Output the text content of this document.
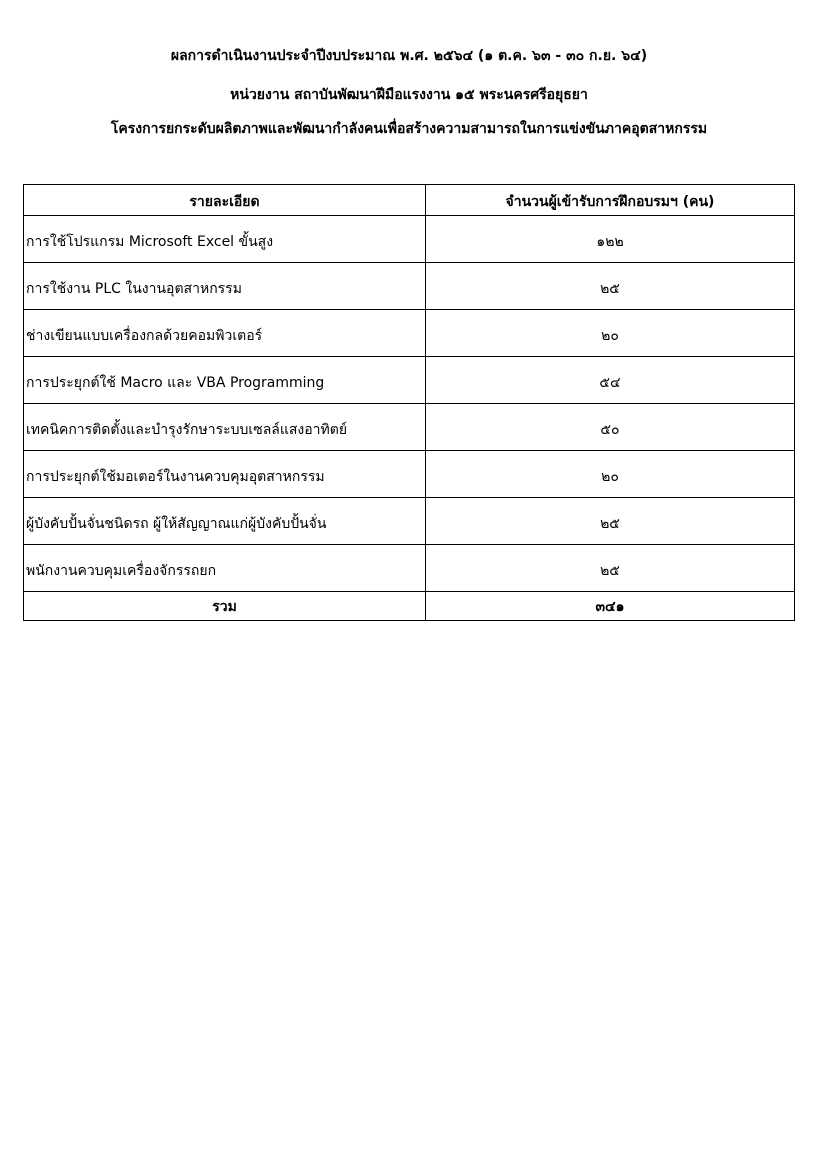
ผลการดำเนินงานประจำปีงบประมาณ พ.ศ. ๒๕๖๔ (๑ ต.ค. ๖๓ - ๓๐ ก.ย. ๖๔)
หน่วยงาน สถาบันพัฒนาฝีมือแรงงาน ๑๕ พระนครศรีอยุธยา
โครงการยกระดับผลิตภาพและพัฒนากำลังคนเพื่อสร้างความสามารถในการแข่งขันภาคอุตสาหกรรม
รายละเอียด	จำนวนผู้เข้ารับการฝึกอบรมฯ (คน)
การใช้โปรแกรม Microsoft Excel ขั้นสูง	๑๒๒
การใช้งาน PLC ในงานอุตสาหกรรม	๒๕
ช่างเขียนแบบเครื่องกลด้วยคอมพิวเตอร์	๒๐
การประยุกต์ใช้ Macro และ VBA Programming	๕๔
เทคนิคการติดตั้งและบำรุงรักษาระบบเซลล์แสงอาทิตย์	๕๐
การประยุกต์ใช้มอเตอร์ในงานควบคุมอุตสาหกรรม	๒๐
ผู้บังคับปั้นจั่นชนิดรถ ผู้ให้สัญญาณแก่ผู้บังคับปั้นจั่น	๒๕
พนักงานควบคุมเครื่องจักรรถยก	๒๕
รวม	๓๔๑
